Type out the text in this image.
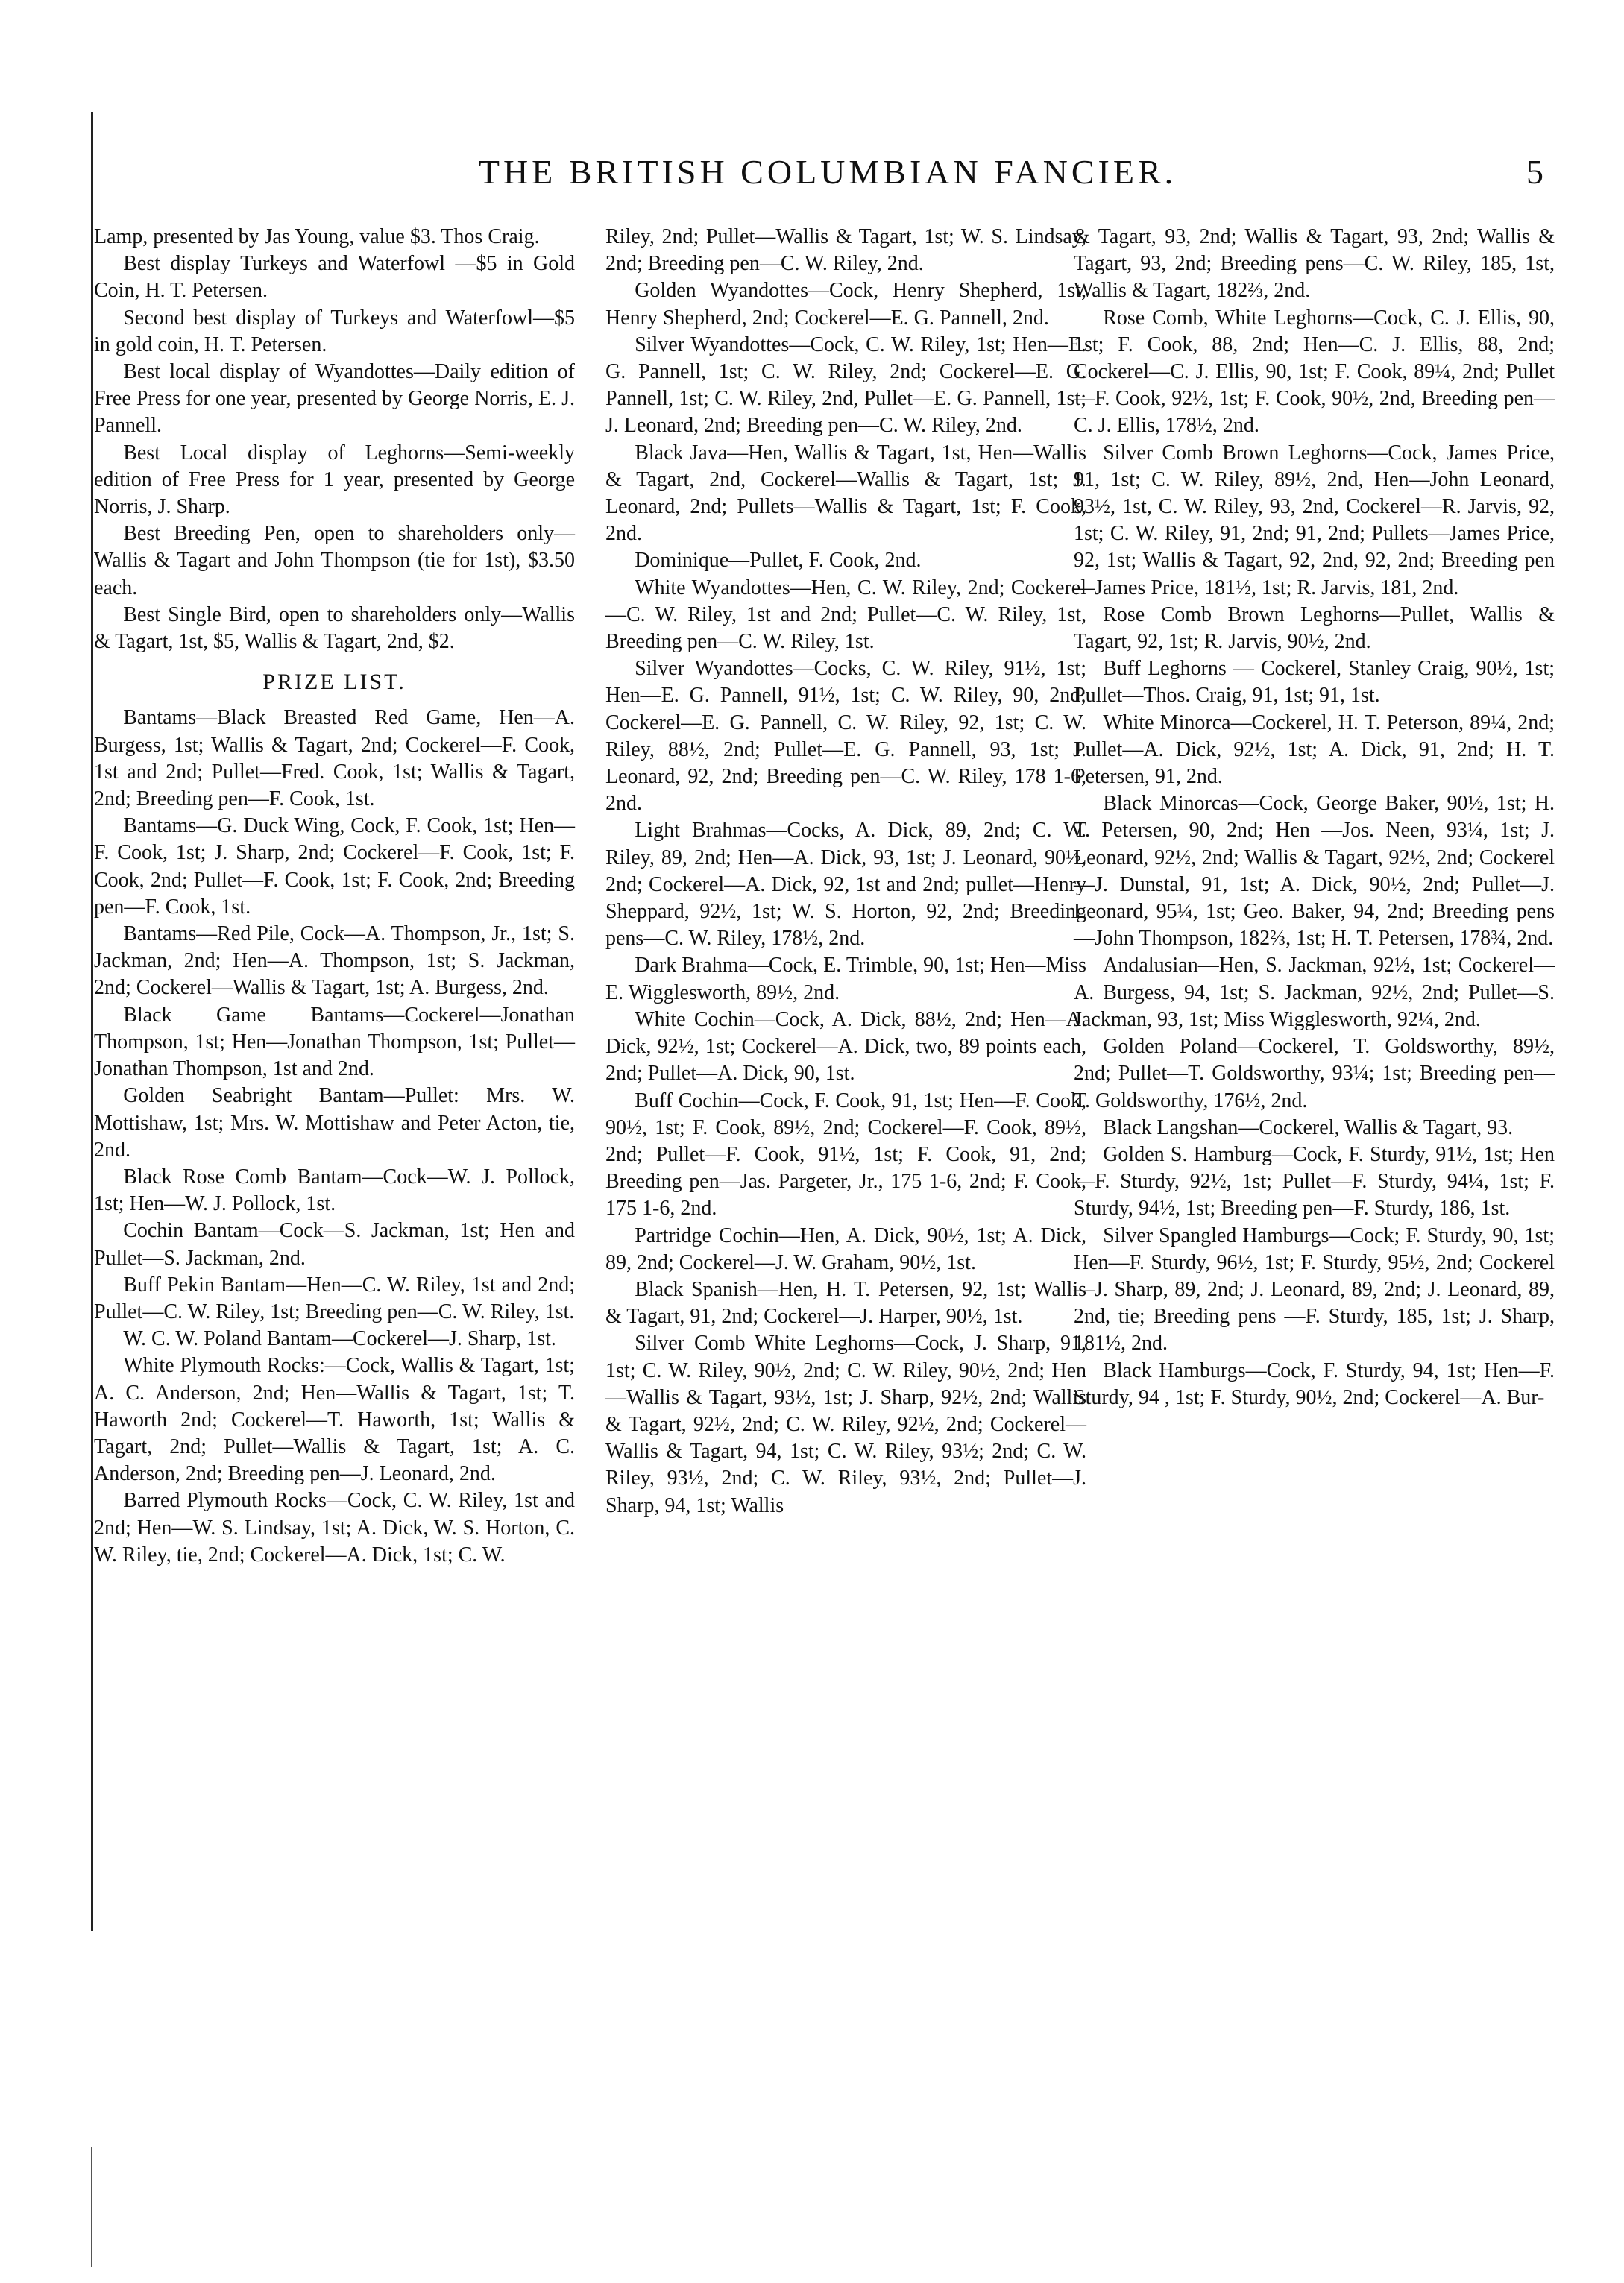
THE BRITISH COLUMBIAN FANCIER.	5

Lamp, presented by Jas Young, value $3. Thos Craig.

Best display Turkeys and Waterfowl —$5 in Gold Coin, H. T. Petersen.

Second best display of Turkeys and Waterfowl—$5 in gold coin, H. T. Petersen.

Best local display of Wyandottes—Daily edition of Free Press for one year, presented by George Norris, E. J. Pannell.

Best Local display of Leghorns—Semi-weekly edition of Free Press for 1 year, presented by George Norris, J. Sharp.

Best Breeding Pen, open to shareholders only—Wallis & Tagart and John Thompson (tie for 1st), $3.50 each.

Best Single Bird, open to shareholders only—Wallis & Tagart, 1st, $5, Wallis & Tagart, 2nd, $2.

PRIZE LIST.

Bantams—Black Breasted Red Game, Hen—A. Burgess, 1st; Wallis & Tagart, 2nd; Cockerel—F. Cook, 1st and 2nd; Pullet—Fred. Cook, 1st; Wallis & Tagart, 2nd; Breeding pen—F. Cook, 1st.

Bantams—G. Duck Wing, Cock, F. Cook, 1st; Hen—F. Cook, 1st; J. Sharp, 2nd; Cockerel—F. Cook, 1st; F. Cook, 2nd; Pullet—F. Cook, 1st; F. Cook, 2nd; Breeding pen—F. Cook, 1st.

Bantams—Red Pile, Cock—A. Thompson, Jr., 1st; S. Jackman, 2nd; Hen—A. Thompson, 1st; S. Jackman, 2nd; Cockerel—Wallis & Tagart, 1st; A. Burgess, 2nd.

Black Game Bantams—Cockerel—Jonathan Thompson, 1st; Hen—Jonathan Thompson, 1st; Pullet—Jonathan Thompson, 1st and 2nd.

Golden Seabright Bantam—Pullet: Mrs. W. Mottishaw, 1st; Mrs. W. Mottishaw and Peter Acton, tie, 2nd.

Black Rose Comb Bantam—Cock—W. J. Pollock, 1st; Hen—W. J. Pollock, 1st.

Cochin Bantam—Cock—S. Jackman, 1st; Hen and Pullet—S. Jackman, 2nd.

Buff Pekin Bantam—Hen—C. W. Riley, 1st and 2nd; Pullet—C. W. Riley, 1st; Breeding pen—C. W. Riley, 1st.

W. C. W. Poland Bantam—Cockerel—J. Sharp, 1st.

White Plymouth Rocks:—Cock, Wallis & Tagart, 1st; A. C. Anderson, 2nd; Hen—Wallis & Tagart, 1st; T. Haworth 2nd; Cockerel—T. Haworth, 1st; Wallis & Tagart, 2nd; Pullet—Wallis & Tagart, 1st; A. C. Anderson, 2nd; Breeding pen—J. Leonard, 2nd.

Barred Plymouth Rocks—Cock, C. W. Riley, 1st and 2nd; Hen—W. S. Lindsay, 1st; A. Dick, W. S. Horton, C. W. Riley, tie, 2nd; Cockerel—A. Dick, 1st; C. W.

Riley, 2nd; Pullet—Wallis & Tagart, 1st; W. S. Lindsay, 2nd; Breeding pen—C. W. Riley, 2nd.

Golden Wyandottes—Cock, Henry Shepherd, 1st, Henry Shepherd, 2nd; Cockerel—E. G. Pannell, 2nd.

Silver Wyandottes—Cock, C. W. Riley, 1st; Hen—E. G. Pannell, 1st; C. W. Riley, 2nd; Cockerel—E. G. Pannell, 1st; C. W. Riley, 2nd, Pullet—E. G. Pannell, 1st; J. Leonard, 2nd; Breeding pen—C. W. Riley, 2nd.

Black Java—Hen, Wallis & Tagart, 1st, Hen—Wallis & Tagart, 2nd, Cockerel—Wallis & Tagart, 1st; J. Leonard, 2nd; Pullets—Wallis & Tagart, 1st; F. Cook, 2nd.

Dominique—Pullet, F. Cook, 2nd.

White Wyandottes—Hen, C. W. Riley, 2nd; Cockerel—C. W. Riley, 1st and 2nd; Pullet—C. W. Riley, 1st, Breeding pen—C. W. Riley, 1st.

Silver Wyandottes—Cocks, C. W. Riley, 91½, 1st; Hen—E. G. Pannell, 91½, 1st; C. W. Riley, 90, 2nd; Cockerel—E. G. Pannell, C. W. Riley, 92, 1st; C. W. Riley, 88½, 2nd; Pullet—E. G. Pannell, 93, 1st; J. Leonard, 92, 2nd; Breeding pen—C. W. Riley, 178 1-6, 2nd.

Light Brahmas—Cocks, A. Dick, 89, 2nd; C. W. Riley, 89, 2nd; Hen—A. Dick, 93, 1st; J. Leonard, 90½, 2nd; Cockerel—A. Dick, 92, 1st and 2nd; pullet—Henry Sheppard, 92½, 1st; W. S. Horton, 92, 2nd; Breeding pens—C. W. Riley, 178½, 2nd.

Dark Brahma—Cock, E. Trimble, 90, 1st; Hen—Miss E. Wigglesworth, 89½, 2nd.

White Cochin—Cock, A. Dick, 88½, 2nd; Hen—A. Dick, 92½, 1st; Cockerel—A. Dick, two, 89 points each, 2nd; Pullet—A. Dick, 90, 1st.

Buff Cochin—Cock, F. Cook, 91, 1st; Hen—F. Cook, 90½, 1st; F. Cook, 89½, 2nd; Cockerel—F. Cook, 89½, 2nd; Pullet—F. Cook, 91½, 1st; F. Cook, 91, 2nd; Breeding pen—Jas. Pargeter, Jr., 175 1-6, 2nd; F. Cook, 175 1-6, 2nd.

Partridge Cochin—Hen, A. Dick, 90½, 1st; A. Dick, 89, 2nd; Cockerel—J. W. Graham, 90½, 1st.

Black Spanish—Hen, H. T. Petersen, 92, 1st; Wallis & Tagart, 91, 2nd; Cockerel—J. Harper, 90½, 1st.

Silver Comb White Leghorns—Cock, J. Sharp, 91, 1st; C. W. Riley, 90½, 2nd; C. W. Riley, 90½, 2nd; Hen—Wallis & Tagart, 93½, 1st; J. Sharp, 92½, 2nd; Wallis & Tagart, 92½, 2nd; C. W. Riley, 92½, 2nd; Cockerel—Wallis & Tagart, 94, 1st; C. W. Riley, 93½; 2nd; C. W. Riley, 93½, 2nd; C. W. Riley, 93½, 2nd; Pullet—J. Sharp, 94, 1st; Wallis

& Tagart, 93, 2nd; Wallis & Tagart, 93, 2nd; Wallis & Tagart, 93, 2nd; Breeding pens—C. W. Riley, 185, 1st, Wallis & Tagart, 182⅔, 2nd.

Rose Comb, White Leghorns—Cock, C. J. Ellis, 90, 1st; F. Cook, 88, 2nd; Hen—C. J. Ellis, 88, 2nd; Cockerel—C. J. Ellis, 90, 1st; F. Cook, 89¼, 2nd; Pullet—F. Cook, 92½, 1st; F. Cook, 90½, 2nd, Breeding pen—C. J. Ellis, 178½, 2nd.

Silver Comb Brown Leghorns—Cock, James Price, 91, 1st; C. W. Riley, 89½, 2nd, Hen—John Leonard, 93½, 1st, C. W. Riley, 93, 2nd, Cockerel—R. Jarvis, 92, 1st; C. W. Riley, 91, 2nd; 91, 2nd; Pullets—James Price, 92, 1st; Wallis & Tagart, 92, 2nd, 92, 2nd; Breeding pen—James Price, 181½, 1st; R. Jarvis, 181, 2nd.

Rose Comb Brown Leghorns—Pullet, Wallis & Tagart, 92, 1st; R. Jarvis, 90½, 2nd.

Buff Leghorns — Cockerel, Stanley Craig, 90½, 1st; Pullet—Thos. Craig, 91, 1st; 91, 1st.

White Minorca—Cockerel, H. T. Peterson, 89¼, 2nd; Pullet—A. Dick, 92½, 1st; A. Dick, 91, 2nd; H. T. Petersen, 91, 2nd.

Black Minorcas—Cock, George Baker, 90½, 1st; H. T. Petersen, 90, 2nd; Hen —Jos. Neen, 93¼, 1st; J. Leonard, 92½, 2nd; Wallis & Tagart, 92½, 2nd; Cockerel—J. Dunstal, 91, 1st; A. Dick, 90½, 2nd; Pullet—J. Leonard, 95¼, 1st; Geo. Baker, 94, 2nd; Breeding pens—John Thompson, 182⅔, 1st; H. T. Petersen, 178¾, 2nd.

Andalusian—Hen, S. Jackman, 92½, 1st; Cockerel—A. Burgess, 94, 1st; S. Jackman, 92½, 2nd; Pullet—S. Jackman, 93, 1st; Miss Wigglesworth, 92¼, 2nd.

Golden Poland—Cockerel, T. Goldsworthy, 89½, 2nd; Pullet—T. Goldsworthy, 93¼; 1st; Breeding pen—T. Goldsworthy, 176½, 2nd.

Black Langshan—Cockerel, Wallis & Tagart, 93.

Golden S. Hamburg—Cock, F. Sturdy, 91½, 1st; Hen—F. Sturdy, 92½, 1st; Pullet—F. Sturdy, 94¼, 1st; F. Sturdy, 94½, 1st; Breeding pen—F. Sturdy, 186, 1st.

Silver Spangled Hamburgs—Cock; F. Sturdy, 90, 1st; Hen—F. Sturdy, 96½, 1st; F. Sturdy, 95½, 2nd; Cockerel—J. Sharp, 89, 2nd; J. Leonard, 89, 2nd; J. Leonard, 89, 2nd, tie; Breeding pens —F. Sturdy, 185, 1st; J. Sharp, 181½, 2nd.

Black Hamburgs—Cock, F. Sturdy, 94, 1st; Hen—F. Sturdy, 94 , 1st; F. Sturdy, 90½, 2nd; Cockerel—A. Bur-
